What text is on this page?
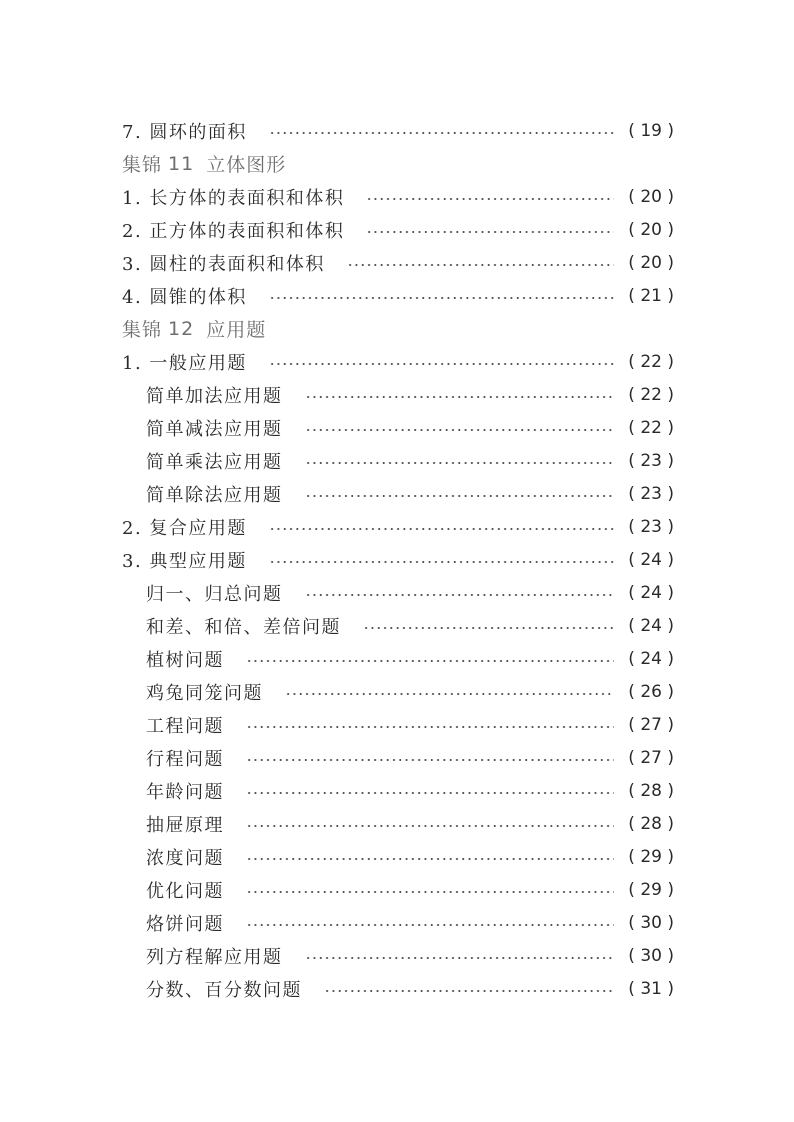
7. 圆环的面积	( 19 )
集锦 11 立体图形
1. 长方体的表面积和体积	( 20 )
2. 正方体的表面积和体积	( 20 )
3. 圆柱的表面积和体积	( 20 )
4. 圆锥的体积	( 21 )
集锦 12 应用题
1. 一般应用题	( 22 )
简单加法应用题	( 22 )
简单减法应用题	( 22 )
简单乘法应用题	( 23 )
简单除法应用题	( 23 )
2. 复合应用题	( 23 )
3. 典型应用题	( 24 )
归一、归总问题	( 24 )
和差、和倍、差倍问题	( 24 )
植树问题	( 24 )
鸡兔同笼问题	( 26 )
工程问题	( 27 )
行程问题	( 27 )
年龄问题	( 28 )
抽屉原理	( 28 )
浓度问题	( 29 )
优化问题	( 29 )
烙饼问题	( 30 )
列方程解应用题	( 30 )
分数、百分数问题	( 31 )
